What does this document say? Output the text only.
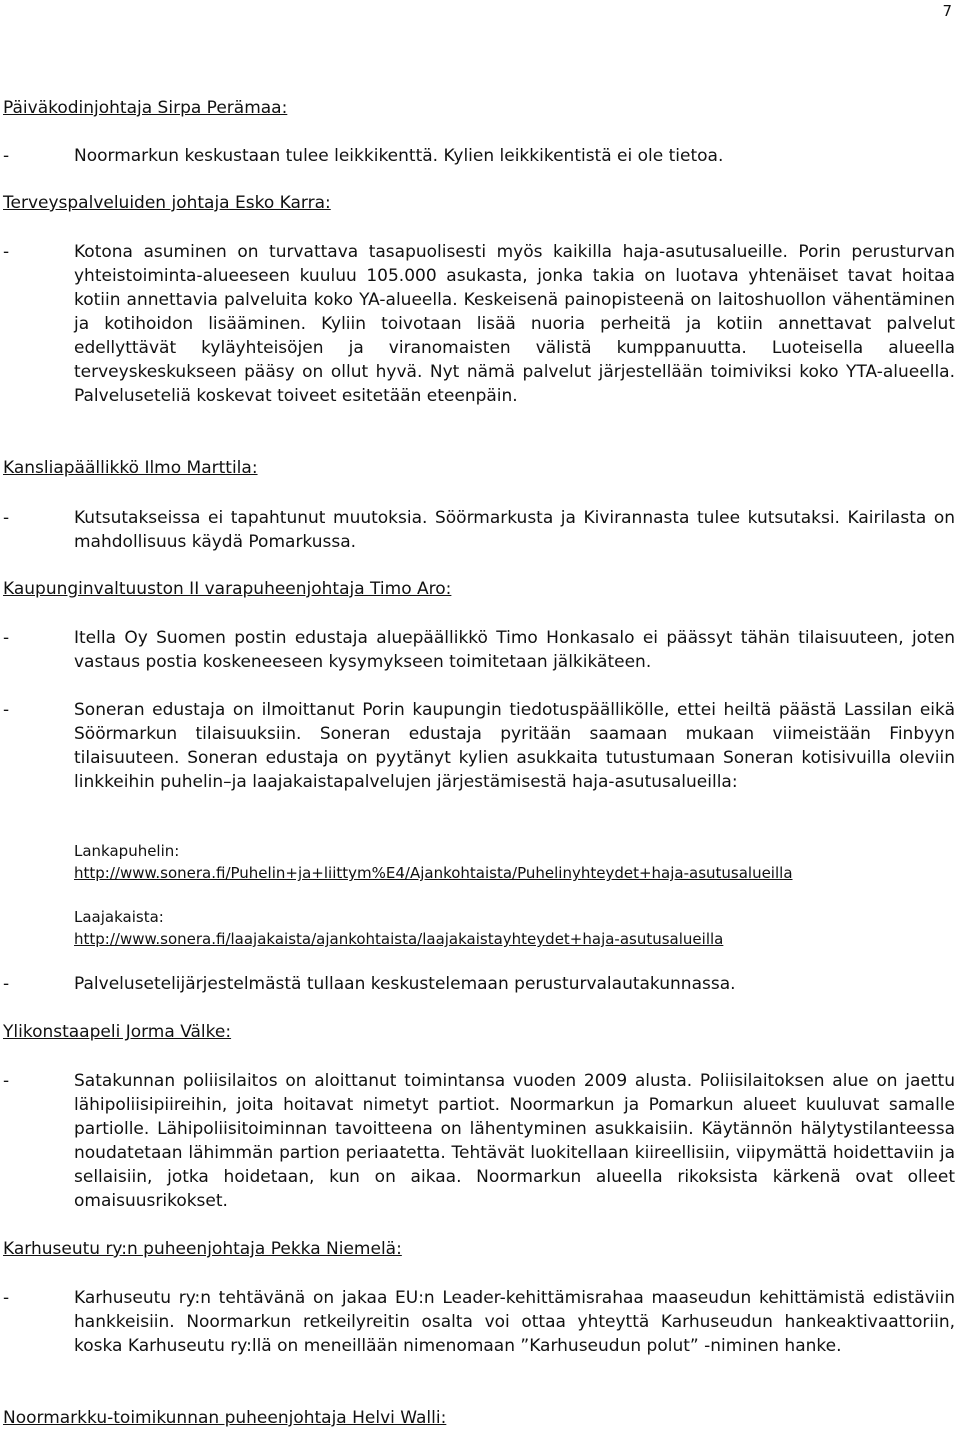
7
Päiväkodinjohtaja Sirpa Perämaa:
-	Noormarkun keskustaan tulee leikkikenttä. Kylien leikkikentistä ei ole tietoa.
Terveyspalveluiden johtaja Esko Karra:
-	Kotona asuminen on turvattava tasapuolisesti myös kaikilla haja-asutusalueille. Porin perusturvan yhteistoiminta-alueeseen kuuluu 105.000 asukasta, jonka takia on luotava yhtenäiset tavat hoitaa kotiin annettavia palveluita koko YA-alueella. Keskeisenä painopisteenä on laitoshuollon vähentäminen ja kotihoidon lisääminen. Kyliin toivotaan lisää nuoria perheitä ja kotiin annettavat palvelut edellyttävät kyläyhteisöjen ja viranomaisten välistä kumppanuutta. Luoteisella alueella terveyskeskukseen pääsy on ollut hyvä. Nyt nämä palvelut järjestellään toimiviksi koko YTA-alueella. Palveluseteliä koskevat toiveet esitetään eteenpäin.
Kansliapäällikkö Ilmo Marttila:
-	Kutsutakseissa ei tapahtunut muutoksia. Söörmarkusta ja Kivirannasta tulee kutsutaksi. Kairilasta on mahdollisuus käydä Pomarkussa.
Kaupunginvaltuuston II varapuheenjohtaja Timo Aro:
-	Itella Oy Suomen postin edustaja aluepäällikkö Timo Honkasalo ei päässyt tähän tilaisuuteen, joten vastaus postia koskeneeseen kysymykseen toimitetaan jälkikäteen.
-	Soneran edustaja on ilmoittanut Porin kaupungin tiedotuspäällikölle, ettei heiltä päästä Lassilan eikä Söörmarkun tilaisuuksiin. Soneran edustaja pyritään saamaan mukaan viimeistään Finbyyn tilaisuuteen. Soneran edustaja on pyytänyt kylien asukkaita tutustumaan Soneran kotisivuilla oleviin linkkeihin puhelin–ja laajakaistapalvelujen järjestämisestä haja-asutusalueilla:
Lankapuhelin:
http://www.sonera.fi/Puhelin+ja+liittym%E4/Ajankohtaista/Puhelinyhteydet+haja-asutusalueilla
Laajakaista:
http://www.sonera.fi/laajakaista/ajankohtaista/laajakaistayhteydet+haja-asutusalueilla
-	Palvelusetelijärjestelmästä tullaan keskustelemaan perusturvalautakunnassa.
Ylikonstaapeli Jorma Välke:
-	Satakunnan poliisilaitos on aloittanut toimintansa vuoden 2009 alusta. Poliisilaitoksen alue on jaettu lähipoliisipiireihin, joita hoitavat nimetyt partiot. Noormarkun ja Pomarkun alueet kuuluvat samalle partiolle. Lähipoliisitoiminnan tavoitteena on lähentyminen asukkaisiin. Käytännön hälytystilanteessa noudatetaan lähimmän partion periaatetta. Tehtävät luokitellaan kiireellisiin, viipymättä hoidettaviin ja sellaisiin, jotka hoidetaan, kun on aikaa. Noormarkun alueella rikoksista kärkenä ovat olleet omaisuusrikokset.
Karhuseutu ry:n puheenjohtaja Pekka Niemelä:
-	Karhuseutu ry:n tehtävänä on jakaa EU:n Leader-kehittämisrahaa maaseudun kehittämistä edistäviin hankkeisiin. Noormarkun retkeilyreitin osalta voi ottaa yhteyttä Karhuseudun hankeaktivaattoriin, koska Karhuseutu ry:llä on meneillään nimenomaan ”Karhuseudun polut” -niminen hanke.
Noormarkku-toimikunnan puheenjohtaja Helvi Walli:
